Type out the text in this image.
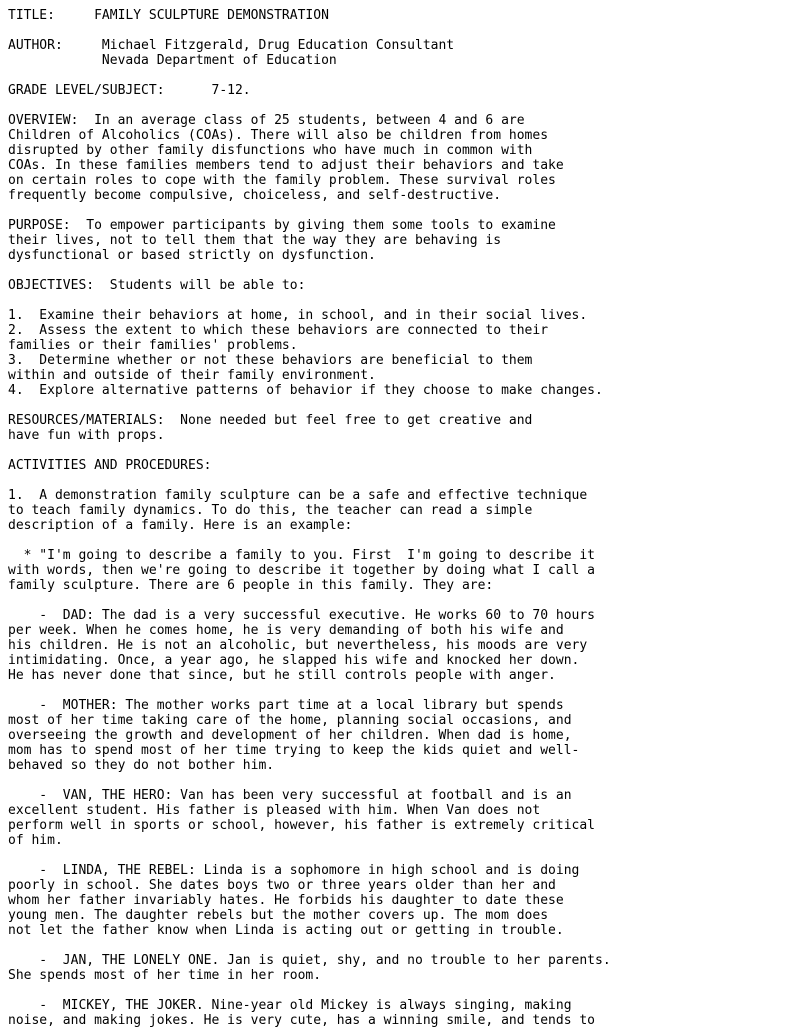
TITLE:     FAMILY SCULPTURE DEMONSTRATION
AUTHOR:     Michael Fitzgerald, Drug Education Consultant
Nevada Department of Education
GRADE LEVEL/SUBJECT:      7-12.
OVERVIEW:  In an average class of 25 students, between 4 and 6 are
Children of Alcoholics (COAs). There will also be children from homes
disrupted by other family disfunctions who have much in common with
COAs. In these families members tend to adjust their behaviors and take
on certain roles to cope with the family problem. These survival roles
frequently become compulsive, choiceless, and self-destructive.
PURPOSE:  To empower participants by giving them some tools to examine
their lives, not to tell them that the way they are behaving is
dysfunctional or based strictly on dysfunction.
OBJECTIVES:  Students will be able to:
1.  Examine their behaviors at home, in school, and in their social lives.
2.  Assess the extent to which these behaviors are connected to their
families or their families' problems.
3.  Determine whether or not these behaviors are beneficial to them
within and outside of their family environment.
4.  Explore alternative patterns of behavior if they choose to make changes.
RESOURCES/MATERIALS:  None needed but feel free to get creative and
have fun with props.
ACTIVITIES AND PROCEDURES:
1.  A demonstration family sculpture can be a safe and effective technique
to teach family dynamics. To do this, the teacher can read a simple
description of a family. Here is an example:
* "I'm going to describe a family to you. First  I'm going to describe it
with words, then we're going to describe it together by doing what I call a
family sculpture. There are 6 people in this family. They are:
-  DAD: The dad is a very successful executive. He works 60 to 70 hours
per week. When he comes home, he is very demanding of both his wife and
his children. He is not an alcoholic, but nevertheless, his moods are very
intimidating. Once, a year ago, he slapped his wife and knocked her down.
He has never done that since, but he still controls people with anger.
-  MOTHER: The mother works part time at a local library but spends
most of her time taking care of the home, planning social occasions, and
overseeing the growth and development of her children. When dad is home,
mom has to spend most of her time trying to keep the kids quiet and well-
behaved so they do not bother him.
-  VAN, THE HERO: Van has been very successful at football and is an
excellent student. His father is pleased with him. When Van does not
perform well in sports or school, however, his father is extremely critical
of him.
-  LINDA, THE REBEL: Linda is a sophomore in high school and is doing
poorly in school. She dates boys two or three years older than her and
whom her father invariably hates. He forbids his daughter to date these
young men. The daughter rebels but the mother covers up. The mom does
not let the father know when Linda is acting out or getting in trouble.
-  JAN, THE LONELY ONE. Jan is quiet, shy, and no trouble to her parents.
She spends most of her time in her room.
-  MICKEY, THE JOKER. Nine-year old Mickey is always singing, making
noise, and making jokes. He is very cute, has a winning smile, and tends to
